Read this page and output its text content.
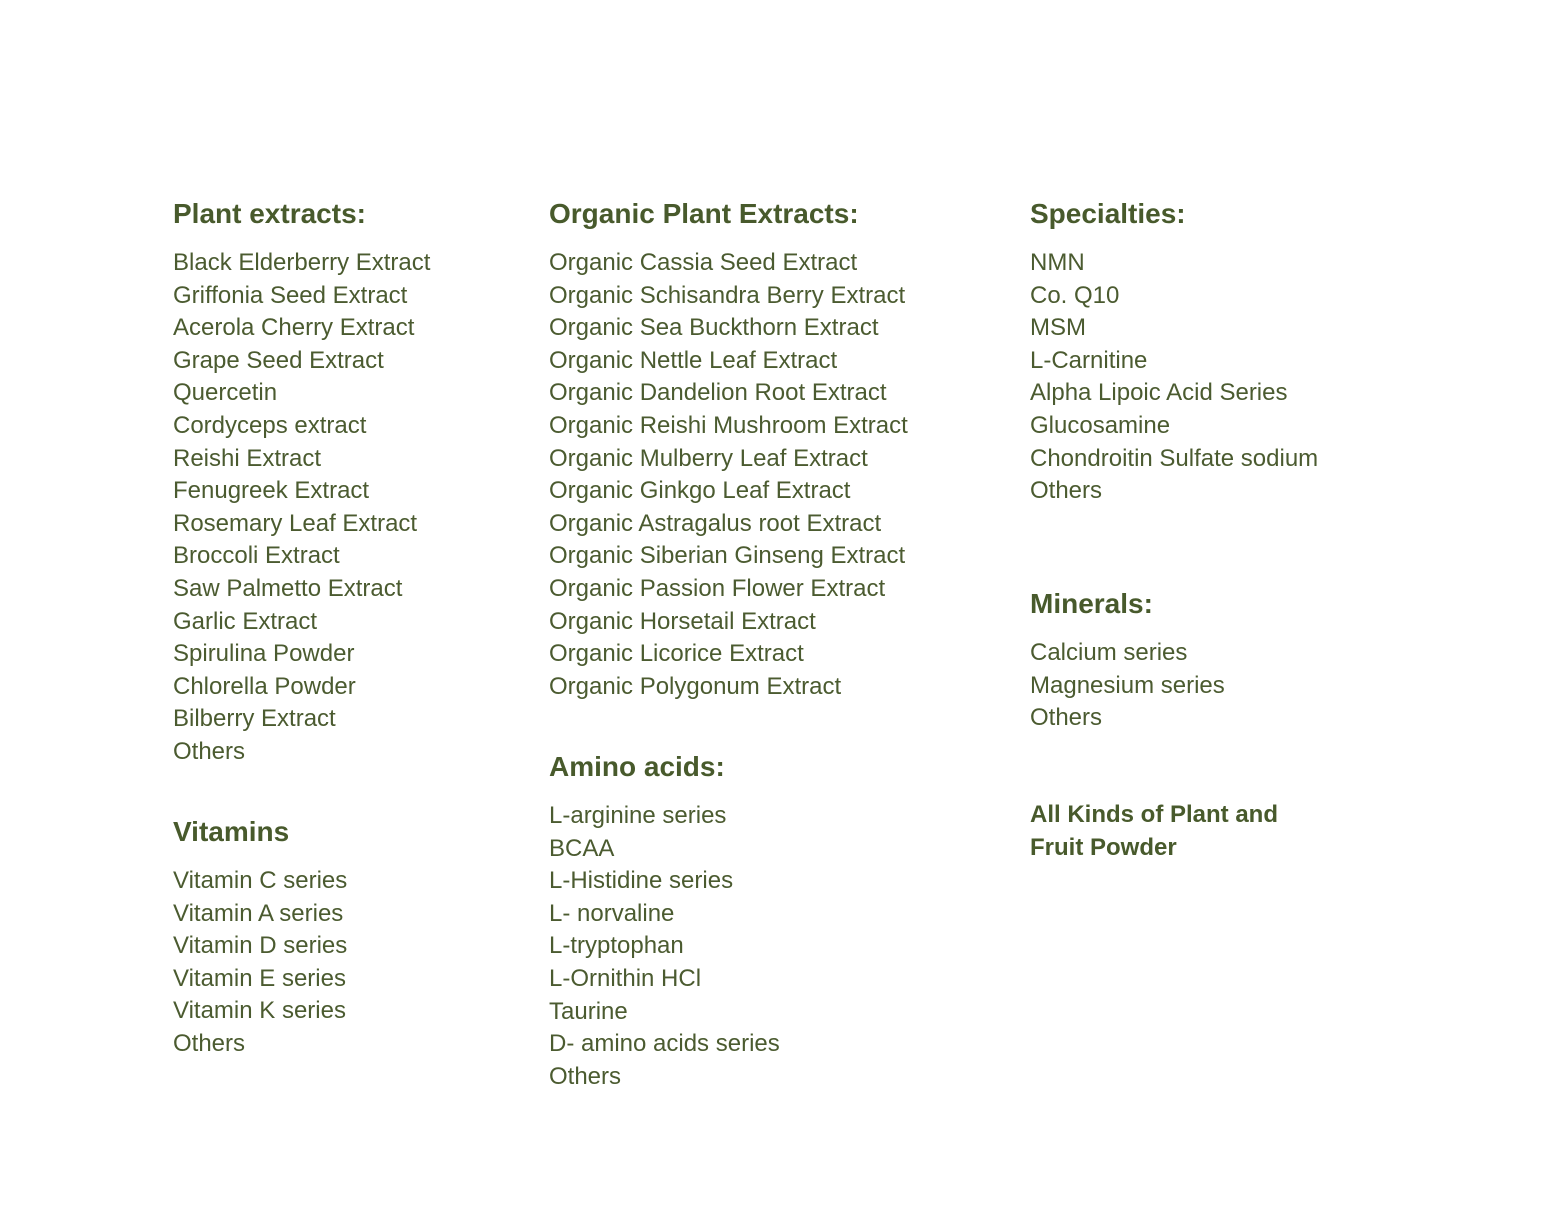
Plant extracts:
Black Elderberry Extract
Griffonia Seed Extract
Acerola Cherry Extract
Grape Seed Extract
Quercetin
Cordyceps extract
Reishi Extract
Fenugreek Extract
Rosemary Leaf Extract
Broccoli Extract
Saw Palmetto Extract
Garlic Extract
Spirulina Powder
Chlorella Powder
Bilberry Extract
Others
Vitamins
Vitamin C series
Vitamin A series
Vitamin D series
Vitamin E series
Vitamin K series
Others
Organic Plant Extracts:
Organic Cassia Seed Extract
Organic Schisandra Berry Extract
Organic Sea Buckthorn Extract
Organic Nettle Leaf Extract
Organic Dandelion Root Extract
Organic Reishi Mushroom Extract
Organic Mulberry Leaf Extract
Organic Ginkgo Leaf Extract
Organic Astragalus root Extract
Organic Siberian Ginseng Extract
Organic Passion Flower Extract
Organic Horsetail Extract
Organic Licorice Extract
Organic Polygonum Extract
Amino acids:
L-arginine series
BCAA
L-Histidine series
L- norvaline
L-tryptophan
L-Ornithin HCl
Taurine
D- amino acids series
Others
Specialties:
NMN
Co. Q10
MSM
L-Carnitine
Alpha Lipoic Acid Series
Glucosamine
Chondroitin Sulfate sodium
Others
Minerals:
Calcium series
Magnesium series
Others

All Kinds of Plant and
Fruit Powder
